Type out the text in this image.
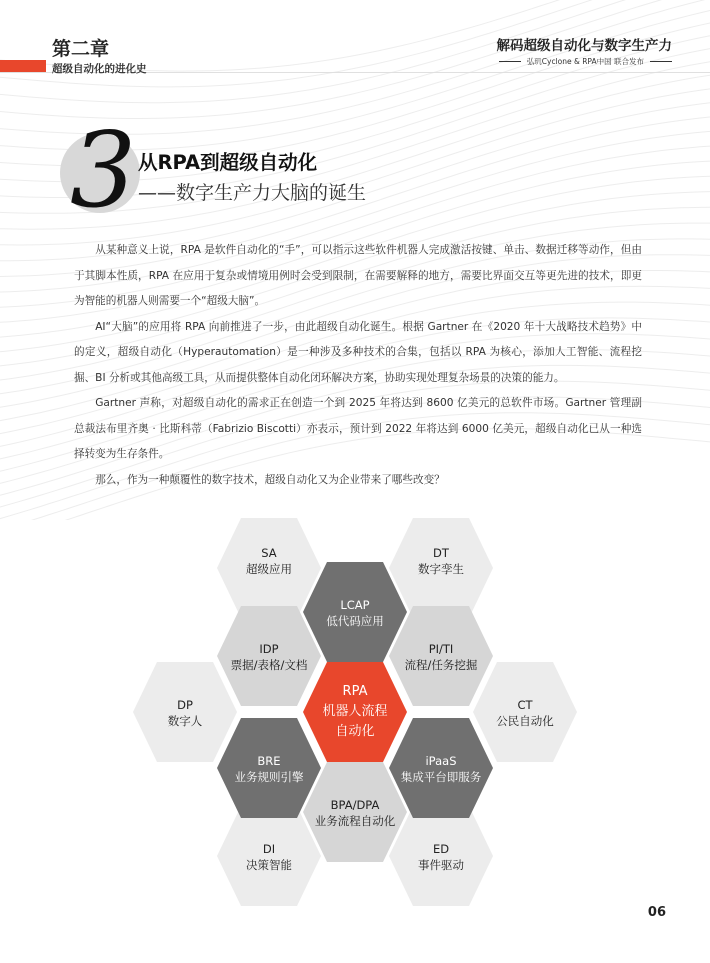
第二章
超级自动化的进化史
解码超级自动化与数字生产力
弘玑Cyclone & RPA中国 联合发布
3 从RPA到超级自动化
——数字生产力大脑的诞生

从某种意义上说，RPA 是软件自动化的“手”，可以指示这些软件机器人完成激活按键、单击、数据迁移等动作，但由于其脚本性质，RPA 在应用于复杂或情境用例时会受到限制，在需要解释的地方，需要比界面交互等更先进的技术，即更为智能的机器人则需要一个“超级大脑”。

AI“大脑”的应用将 RPA 向前推进了一步，由此超级自动化诞生。根据 Gartner 在《2020 年十大战略技术趋势》中的定义，超级自动化（Hyperautomation）是一种涉及多种技术的合集，包括以 RPA 为核心，添加人工智能、流程挖掘、BI 分析或其他高级工具，从而提供整体自动化闭环解决方案，协助实现处理复杂场景的决策的能力。

Gartner 声称，对超级自动化的需求正在创造一个到 2025 年将达到 8600 亿美元的总软件市场。Gartner 管理副总裁法布里齐奥 · 比斯科蒂（Fabrizio Biscotti）亦表示，预计到 2022 年将达到 6000 亿美元，超级自动化已从一种选择转变为生存条件。

那么，作为一种颠覆性的数字技术，超级自动化又为企业带来了哪些改变？

SA
超级应用
DT
数字孪生
LCAP
低代码应用
IDP
票据/表格/文档
PI/TI
流程/任务挖掘
DP
数字人
RPA
机器人流程
自动化
CT
公民自动化
BRE
业务规则引擎
iPaaS
集成平台即服务
BPA/DPA
业务流程自动化
DI
决策智能
ED
事件驱动
06
